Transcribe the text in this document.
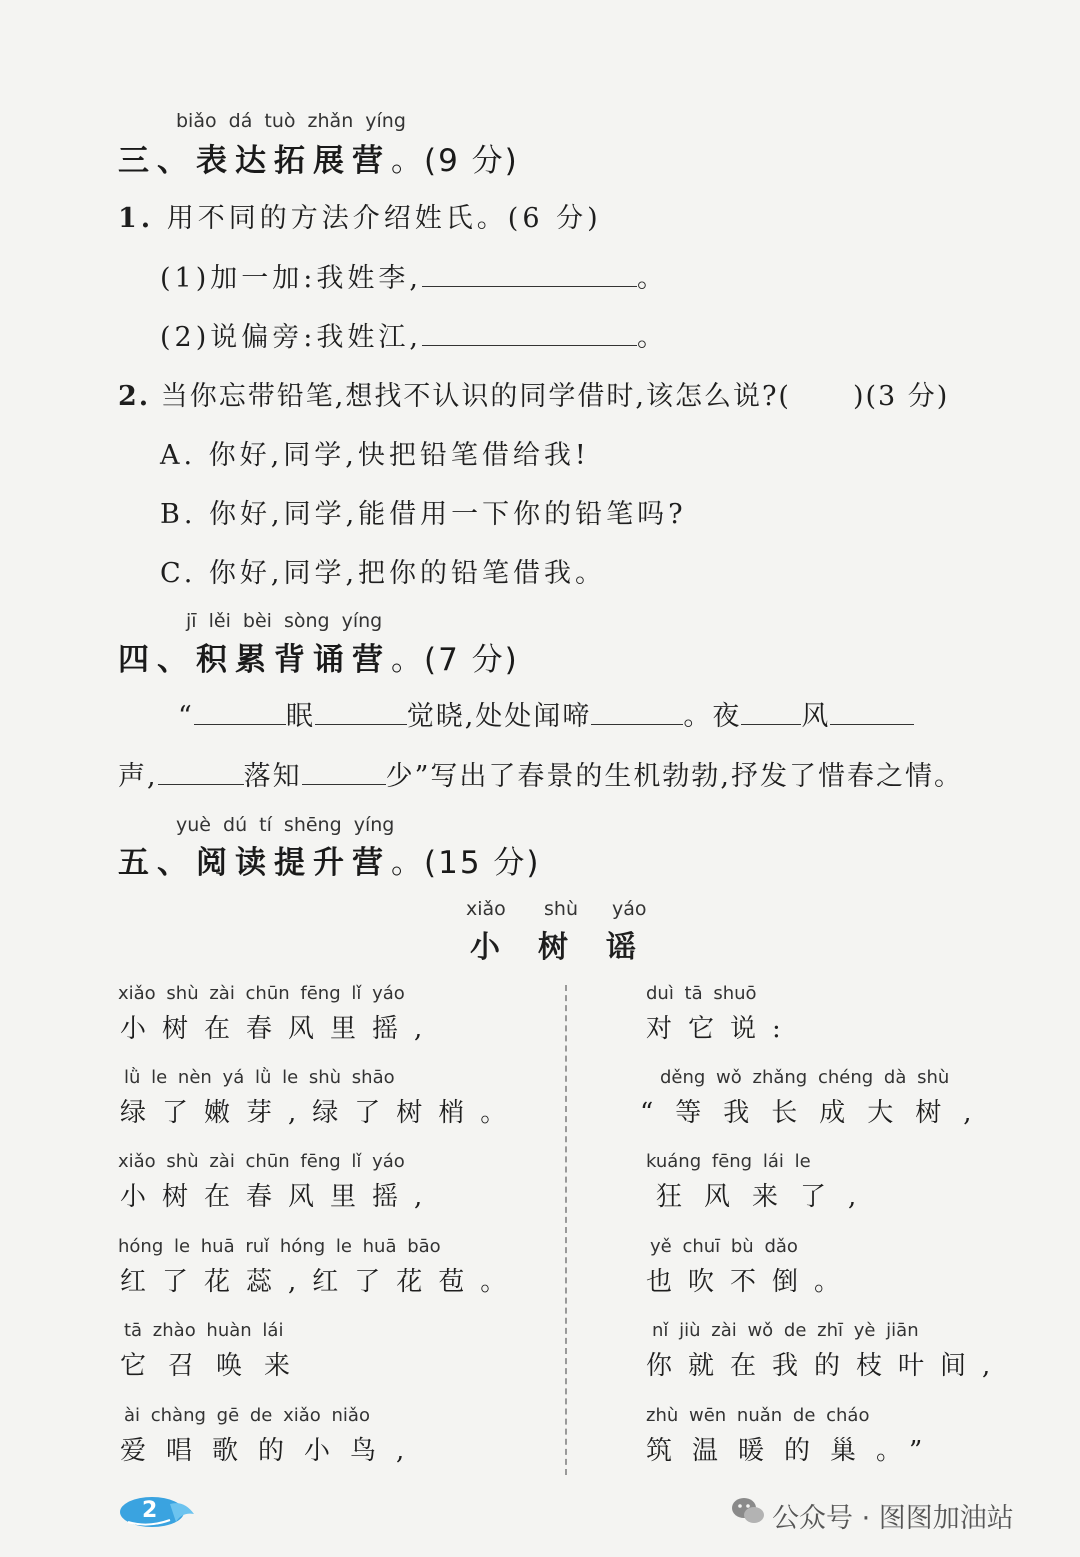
biǎo dá tuò zhǎn yíng
三、表达拓展营。(9 分)
1. 用不同的方法介绍姓氏。(6 分)
(1)加一加:我姓李,	。
(2)说偏旁:我姓江,	。
2. 当你忘带铅笔,想找不认识的同学借时,该怎么说?( )(3 分)
A. 你好,同学,快把铅笔借给我!
B. 你好,同学,能借用一下你的铅笔吗?
C. 你好,同学,把你的铅笔借我。
jī lěi bèi sòng yíng
四、积累背诵营。(7 分)
“	眠	觉晓,处处闻啼	。夜 风
声,	落知	少”写出了春景的生机勃勃,抒发了惜春之情。
yuè dú tí shēng yíng
五、阅读提升营。(15 分)
xiǎo shù yáo
小树谣
xiǎo shù zài chūn fēng lǐ yáo
小树在春风里摇,
lǜ le nèn yá lǜ le shù shāo
绿了嫩芽,绿了树梢。
xiǎo shù zài chūn fēng lǐ yáo
小树在春风里摇,
hóng le huā ruǐ hóng le huā bāo
红了花蕊,红了花苞。
tā zhào huàn lái
它召唤来
ài chàng gē de xiǎo niǎo
爱唱歌的小鸟,
duì tā shuō
对它说:
děng wǒ zhǎng chéng dà shù
“等我长成大树,
kuáng fēng lái le
狂风来了,
yě chuī bù dǎo
也吹不倒。
nǐ jiù zài wǒ de zhī yè jiān
你就在我的枝叶间,
zhù wēn nuǎn de cháo
筑温暖的巢。”
2	公众号 · 图图加油站
